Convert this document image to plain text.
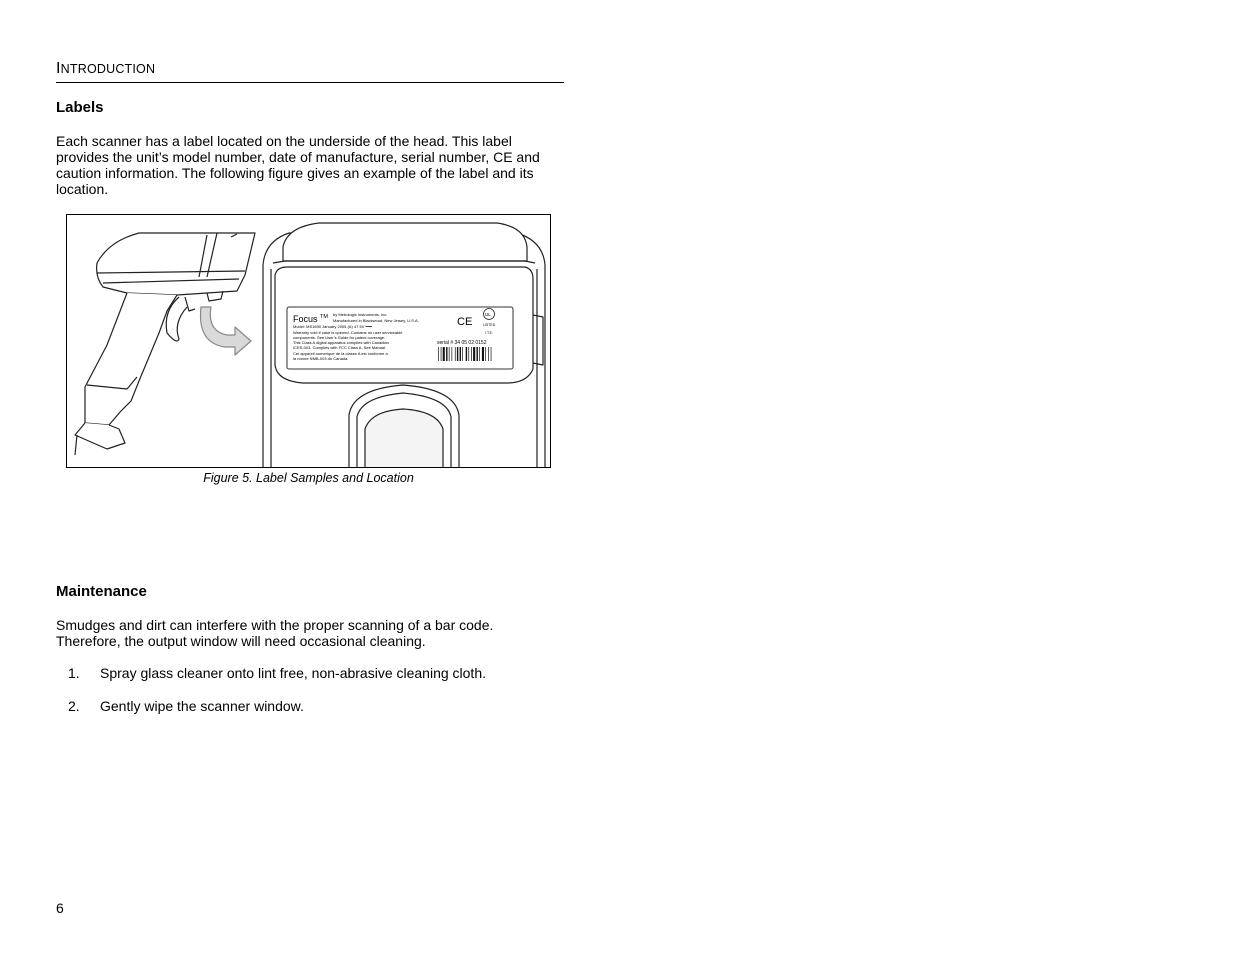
INTRODUCTION
Labels

Each scanner has a label located on the underside of the head. This label provides the unit’s model number, date of manufacture, serial number, CE and caution information. The following figure gives an example of the label and its location.

Focus TM by Metrologic Instruments, Inc.
Manufactured in Blackwood, New Jersey, U.S.A.
Model: MS1690 January 2005 (A) 47 5V ⎓⎓
Warranty void if case is opened. Contains no user serviceable
components. See User’s Guide for patent coverage.
This Class A digital apparatus complies with Canadian
ICES-003. Complies with FCC Class A. See Manual.
Cet appareil numerique de la classe A est conforme a
la norme NMB-003 du Canada.
CE
UL
LISTED
I.T.E.
serial # 34 05 02 0152
Figure 5. Label Samples and Location
Maintenance

Smudges and dirt can interfere with the proper scanning of a bar code. Therefore, the output window will need occasional cleaning.

1. Spray glass cleaner onto lint free, non-abrasive cleaning cloth.
2. Gently wipe the scanner window.
6
